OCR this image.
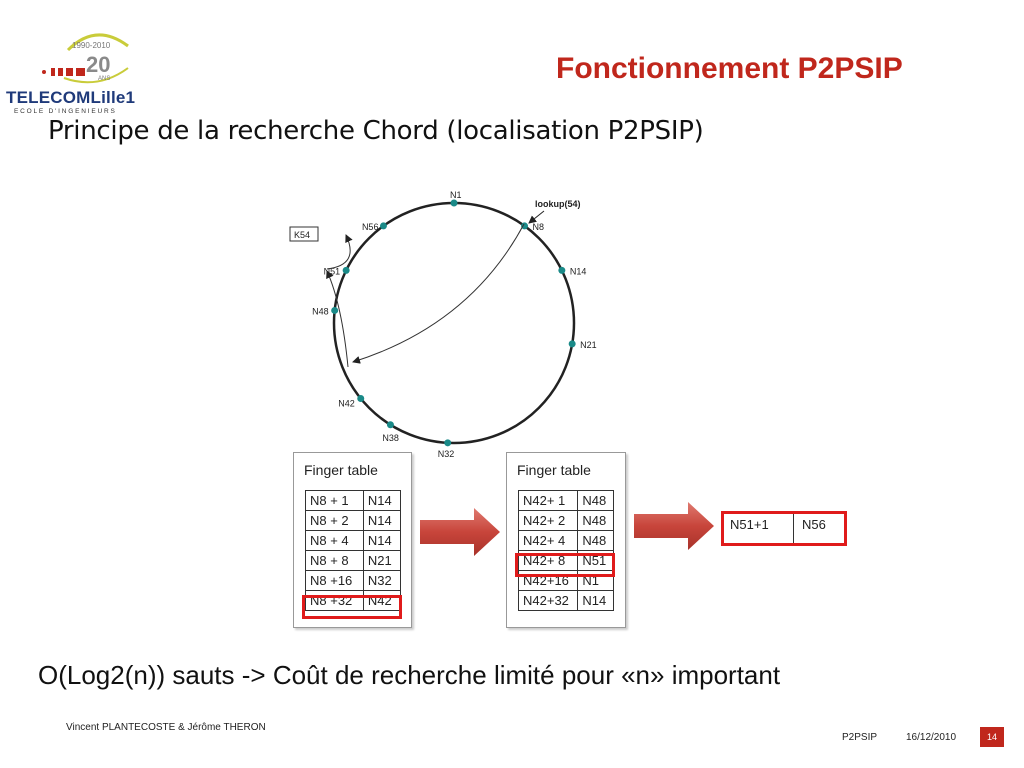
1990-2010
20
ANS
TELECOMLille1
ECOLE D'INGENIEURS
Fonctionnement P2PSIP
Principe de la recherche Chord (localisation P2PSIP)
N1
N8
N14
N21
N32
N38
N42
N48
N51
N56
lookup(54)
K54
Finger table
N8 + 1	N14
N8 + 2	N14
N8 + 4	N14
N8 + 8	N21
N8 +16	N32
N8 +32	N42
Finger table
N42+ 1	N48
N42+ 2	N48
N42+ 4	N48
N42+ 8	N51
N42+16	N1
N42+32	N14
N51+1	N56
O(Log2(n)) sauts -> Coût de recherche limité pour «n» important
Vincent PLANTECOSTE & Jérôme THERON
P2PSIP	16/12/2010	14
